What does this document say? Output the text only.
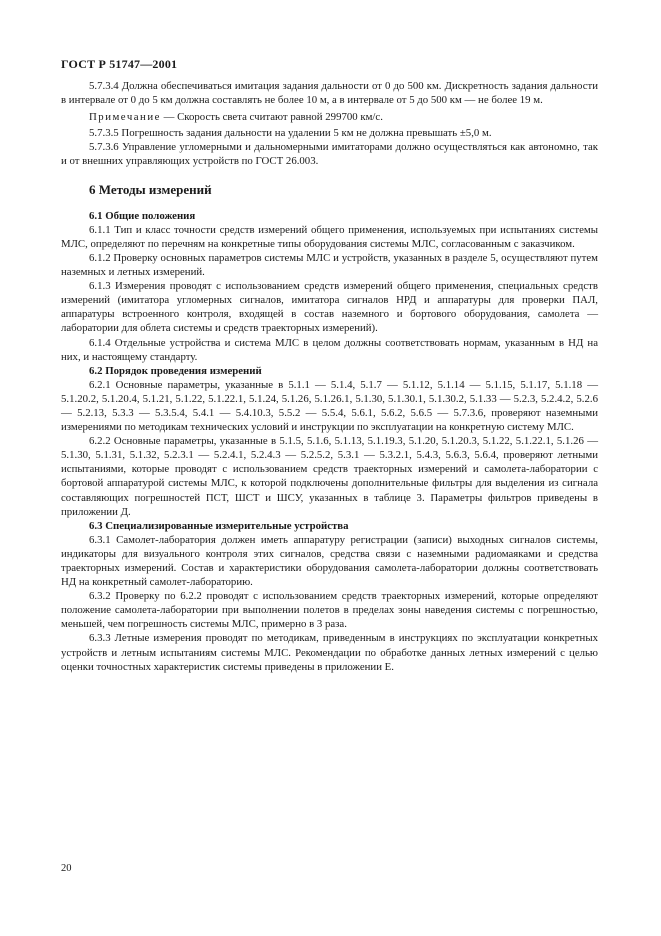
ГОСТ Р 51747—2001

5.7.3.4 Должна обеспечиваться имитация задания дальности от 0 до 500 км. Дискретность задания дальности в интервале от 0 до 5 км должна составлять не более 10 м, а в интервале от 5 до 500 км — не более 19 м.

Примечание — Скорость света считают равной 299700 км/с.

5.7.3.5 Погрешность задания дальности на удалении 5 км не должна превышать ±5,0 м.

5.7.3.6 Управление угломерными и дальномерными имитаторами должно осуществляться как автономно, так и от внешних управляющих устройств по ГОСТ 26.003.

6 Методы измерений
6.1 Общие положения

6.1.1 Тип и класс точности средств измерений общего применения, используемых при испытаниях системы МЛС, определяют по перечням на конкретные типы оборудования системы МЛС, согласованным с заказчиком.

6.1.2 Проверку основных параметров системы МЛС и устройств, указанных в разделе 5, осуществляют путем наземных и летных измерений.

6.1.3 Измерения проводят с использованием средств измерений общего применения, специальных средств измерений (имитатора угломерных сигналов, имитатора сигналов НРД и аппаратуры для проверки ПАЛ, аппаратуры встроенного контроля, входящей в состав наземного и бортового оборудования, самолета — лаборатории для облета системы и средств траекторных измерений).

6.1.4 Отдельные устройства и система МЛС в целом должны соответствовать нормам, указанным в НД на них, и настоящему стандарту.

6.2 Порядок проведения измерений

6.2.1 Основные параметры, указанные в 5.1.1 — 5.1.4, 5.1.7 — 5.1.12, 5.1.14 — 5.1.15, 5.1.17, 5.1.18 — 5.1.20.2, 5.1.20.4, 5.1.21, 5.1.22, 5.1.22.1, 5.1.24, 5.1.26, 5.1.26.1, 5.1.30, 5.1.30.1, 5.1.30.2, 5.1.33 — 5.2.3, 5.2.4.2, 5.2.6 — 5.2.13, 5.3.3 — 5.3.5.4, 5.4.1 — 5.4.10.3, 5.5.2 — 5.5.4, 5.6.1, 5.6.2, 5.6.5 — 5.7.3.6, проверяют наземными измерениями по методикам технических условий и инструкции по эксплуатации на конкретную систему МЛС.

6.2.2 Основные параметры, указанные в 5.1.5, 5.1.6, 5.1.13, 5.1.19.3, 5.1.20, 5.1.20.3, 5.1.22, 5.1.22.1, 5.1.26 — 5.1.30, 5.1.31, 5.1.32, 5.2.3.1 — 5.2.4.1, 5.2.4.3 — 5.2.5.2, 5.3.1 — 5.3.2.1, 5.4.3, 5.6.3, 5.6.4, проверяют летными испытаниями, которые проводят с использованием средств траекторных измерений и самолета-лаборатории с бортовой аппаратурой системы МЛС, к которой подключены дополнительные фильтры для выделения из сигнала составляющих погрешностей ПСТ, ШСТ и ШСУ, указанных в таблице 3. Параметры фильтров приведены в приложении Д.

6.3 Специализированные измерительные устройства

6.3.1 Самолет-лаборатория должен иметь аппаратуру регистрации (записи) выходных сигналов системы, индикаторы для визуального контроля этих сигналов, средства связи с наземными радиомаяками и средства траекторных измерений. Состав и характеристики оборудования самолета-лаборатории должны соответствовать НД на конкретный самолет-лабораторию.

6.3.2 Проверку по 6.2.2 проводят с использованием средств траекторных измерений, которые определяют положение самолета-лаборатории при выполнении полетов в пределах зоны наведения системы с погрешностью, меньшей, чем погрешность системы МЛС, примерно в 3 раза.

6.3.3 Летные измерения проводят по методикам, приведенным в инструкциях по эксплуатации конкретных устройств и летным испытаниям системы МЛС. Рекомендации по обработке данных летных измерений с целью оценки точностных характеристик системы приведены в приложении Е.

20
